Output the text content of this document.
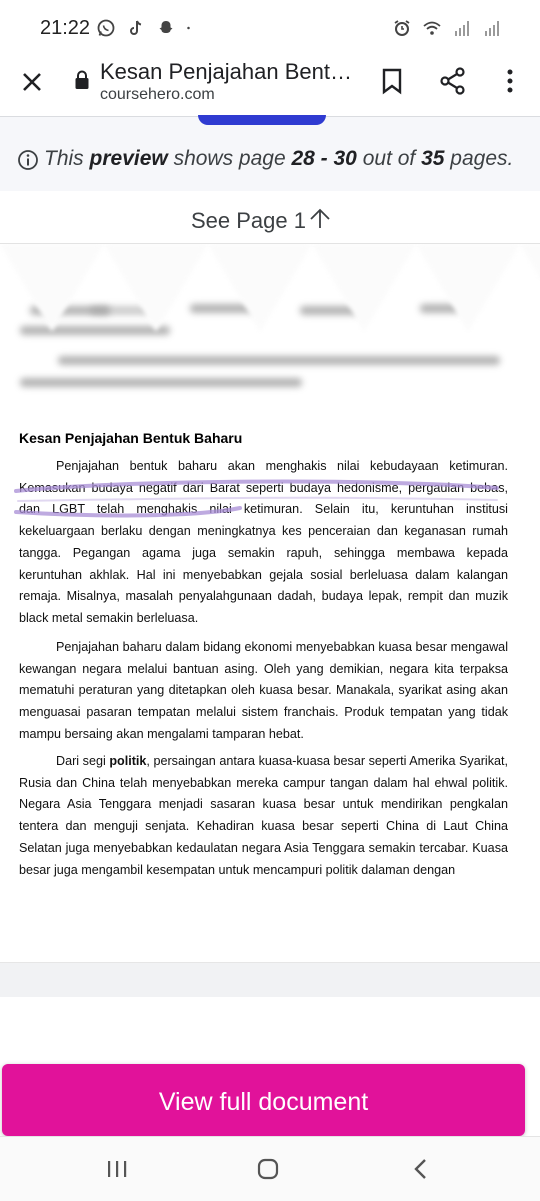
21:22
Kesan Penjajahan Bent…
coursehero.com
This preview shows page 28 - 30 out of 35 pages.
See Page 1
Kesan Penjajahan Bentuk Baharu
Penjajahan bentuk baharu akan menghakis nilai kebudayaan ketimuran. Kemasukan budaya negatif dari Barat seperti budaya hedonisme, pergaulan bebas, dan LGBT telah menghakis nilai ketimuran. Selain itu, keruntuhan institusi kekeluargaan berlaku dengan meningkatnya kes penceraian dan keganasan rumah tangga. Pegangan agama juga semakin rapuh, sehingga membawa kepada keruntuhan akhlak. Hal ini menyebabkan gejala sosial berleluasa dalam kalangan remaja. Misalnya, masalah penyalahgunaan dadah, budaya lepak, rempit dan muzik black metal semakin berleluasa.
Penjajahan baharu dalam bidang ekonomi menyebabkan kuasa besar mengawal kewangan negara melalui bantuan asing. Oleh yang demikian, negara kita terpaksa mematuhi peraturan yang ditetapkan oleh kuasa besar. Manakala, syarikat asing akan menguasai pasaran tempatan melalui sistem franchais. Produk tempatan yang tidak mampu bersaing akan mengalami tamparan hebat.
Dari segi politik, persaingan antara kuasa-kuasa besar seperti Amerika Syarikat, Rusia dan China telah menyebabkan mereka campur tangan dalam hal ehwal politik. Negara Asia Tenggara menjadi sasaran kuasa besar untuk mendirikan pengkalan tentera dan menguji senjata. Kehadiran kuasa besar seperti China di Laut China Selatan juga menyebabkan kedaulatan negara Asia Tenggara semakin tercabar. Kuasa besar juga mengambil kesempatan untuk mencampuri politik dalaman dengan
View full document
